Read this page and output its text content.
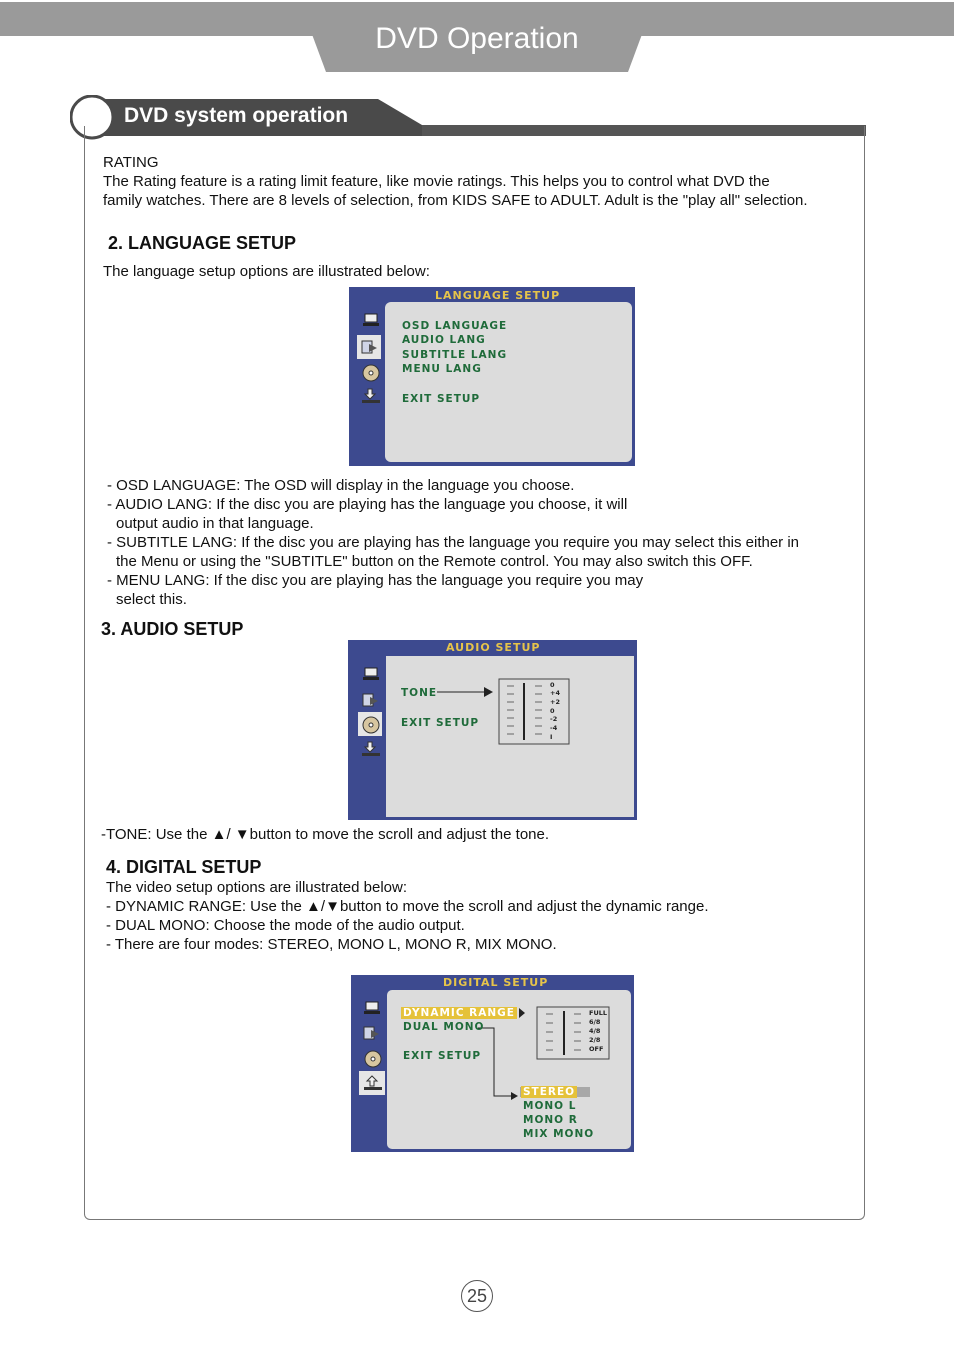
DVD Operation
DVD system operation
RATING
The Rating feature is a rating limit feature, like movie ratings. This helps you to control what DVD the
family watches. There are 8 levels of selection, from KIDS SAFE to ADULT. Adult is the "play all" selection.
2. LANGUAGE SETUP
The language setup options are illustrated below:
LANGUAGE SETUP
OSD LANGUAGE
AUDIO LANG
SUBTITLE LANG
MENU LANG
EXIT SETUP
- OSD LANGUAGE: The OSD will display in the language you choose.
- AUDIO LANG: If the disc you are playing has the language you choose, it will
output audio in that language.
- SUBTITLE LANG: If the disc you are playing has the language you require you may select this either in
the Menu or using the "SUBTITLE" button on the Remote control. You may also switch this OFF.
- MENU LANG: If the disc you are playing has the language you require you may
select this.
3. AUDIO SETUP
0
+4
+2
0
-2
-4
I
AUDIO SETUP
TONE
EXIT SETUP
-TONE: Use the ▲/ ▼button to move the scroll and adjust the tone.
4. DIGITAL SETUP
The video setup options are illustrated below:
- DYNAMIC RANGE: Use the ▲/▼button to move the scroll and adjust the dynamic range.
- DUAL MONO: Choose the mode of the audio output.
- There are four modes: STEREO, MONO L, MONO R, MIX MONO.
FULL
6/8
4/8
2/8
OFF
DIGITAL SETUP
DYNAMIC RANGE
DUAL MONO
EXIT SETUP
STEREO
MONO L
MONO R
MIX MONO
25
